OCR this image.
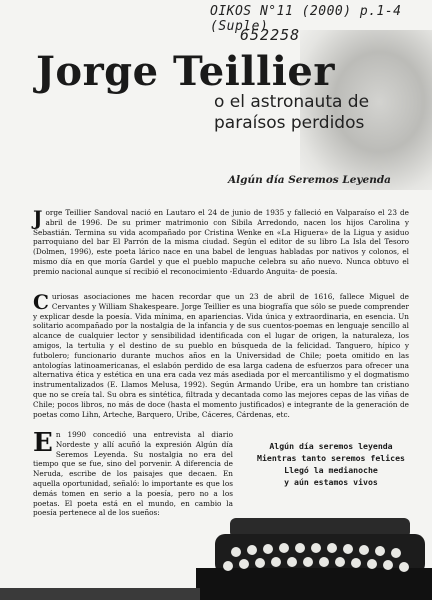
OIKOS N°11 (2000) p.1-4 (Suple)
652258
Jorge Teillier
o el astronauta de paraísos perdidos
Algún día Seremos Leyenda

Jorge Teillier Sandoval nació en Lautaro el 24 de junio de 1935 y falleció en Valparaíso el 23 de abril de 1996. De su primer matrimonio con Sibila Arredondo, nacen los hijos Carolina y Sebastián. Termina su vida acompañado por Cristina Wenke en «La Higuera» de la Ligua y asiduo parroquiano del bar El Parrón de la misma ciudad. Según el editor de su libro La Isla del Tesoro (Dolmen, 1996), este poeta lárico nace en una babel de lenguas habladas por nativos y colonos, el mismo día en que moría Gardel y que el pueblo mapuche celebra su año nuevo. Nunca obtuvo el premio nacional aunque sí recibió el reconocimiento -Eduardo Anguita- de poesía.

Curiosas asociaciones me hacen recordar que un 23 de abril de 1616, fallece Miguel de Cervantes y William Shakespeare. Jorge Teillier es una biografía que sólo se puede comprender y explicar desde la poesía. Vida mínima, en apariencias. Vida única y extraordinaria, en esencia. Un solitario acompañado por la nostalgia de la infancia y de sus cuentos-poemas en lenguaje sencillo al alcance de cualquier lector y sensibilidad identificada con el lugar de origen, la naturaleza, los amigos, la tertulia y el destino de su pueblo en búsqueda de la felicidad. Tanguero, hípico y futbolero; funcionario durante muchos años en la Universidad de Chile; poeta omitido en las antologías latinoamericanas, el eslabón perdido de esa larga cadena de esfuerzos para ofrecer una alternativa ética y estética en una era cada vez más asediada por el mercantilismo y el dogmatismo instrumentalizados (E. Llamos Melusa, 1992). Según Armando Uribe, era un hombre tan cristiano que no se creía tal. Su obra es sintética, filtrada y decantada como las mejores cepas de las viñas de Chile; pocos libros, no más de doce (hasta el momento justificados) e integrante de la generación de poetas como Lihn, Arteche, Barquero, Uribe, Cáceres, Cárdenas, etc.

En 1990 concedió una entrevista al diario Nordeste y allí acuñó la expresión Algún día Seremos Leyenda. Su nostalgia no era del tiempo que se fue, sino del porvenir. A diferencia de Neruda, escribe de los paisajes que decaen. En aquella oportunidad, señaló: lo importante es que los demás tomen en serio a la poesía, pero no a los poetas. El poeta está en el mundo, en cambio la poesía pertenece al de los sueños:

Algún día seremos leyenda
Mientras tanto seremos felices
Llegó la medianoche
y aún estamos vivos
